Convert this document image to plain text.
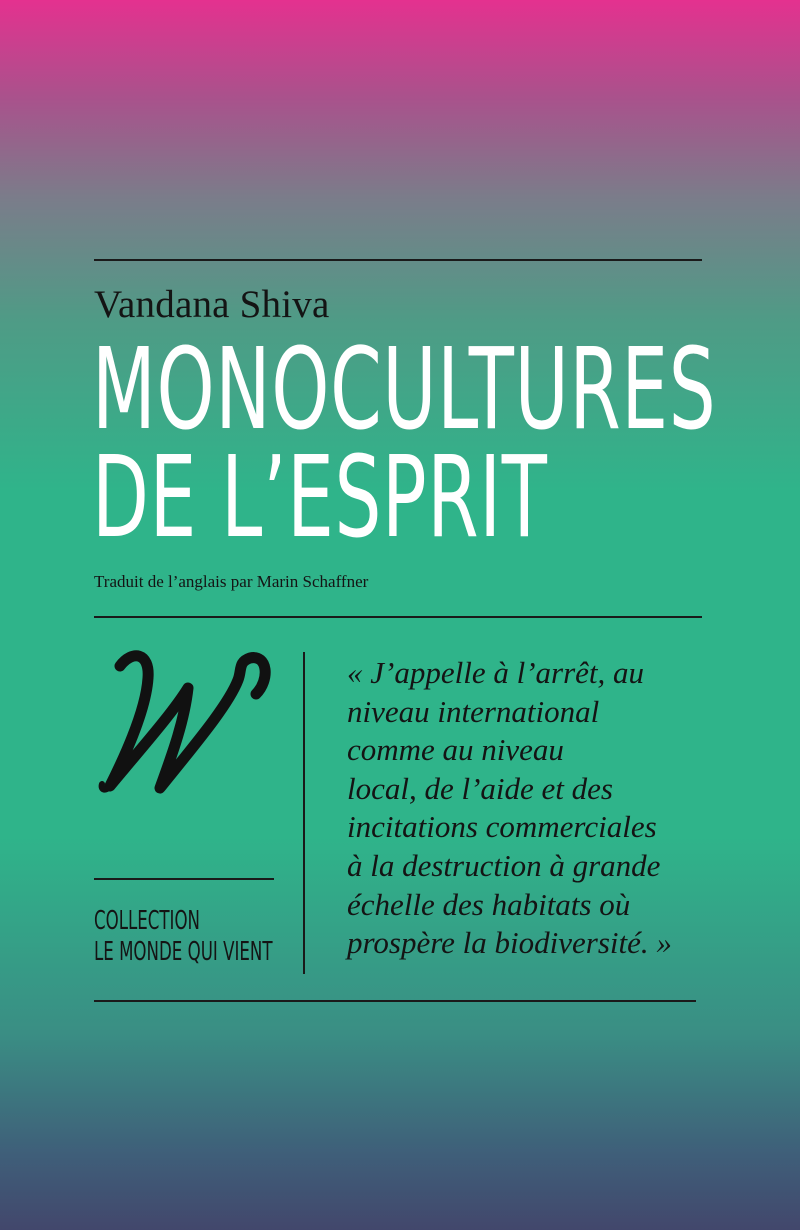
Vandana Shiva
MONOCULTURES
DE L’ESPRIT
Traduit de l’anglais par Marin Schaffner
COLLECTION
LE MONDE QUI VIENT

« J’appelle à l’arrêt, au
niveau international
comme au niveau
local, de l’aide et des
incitations commerciales
à la destruction à grande
échelle des habitats où
prospère la biodiversité. »
